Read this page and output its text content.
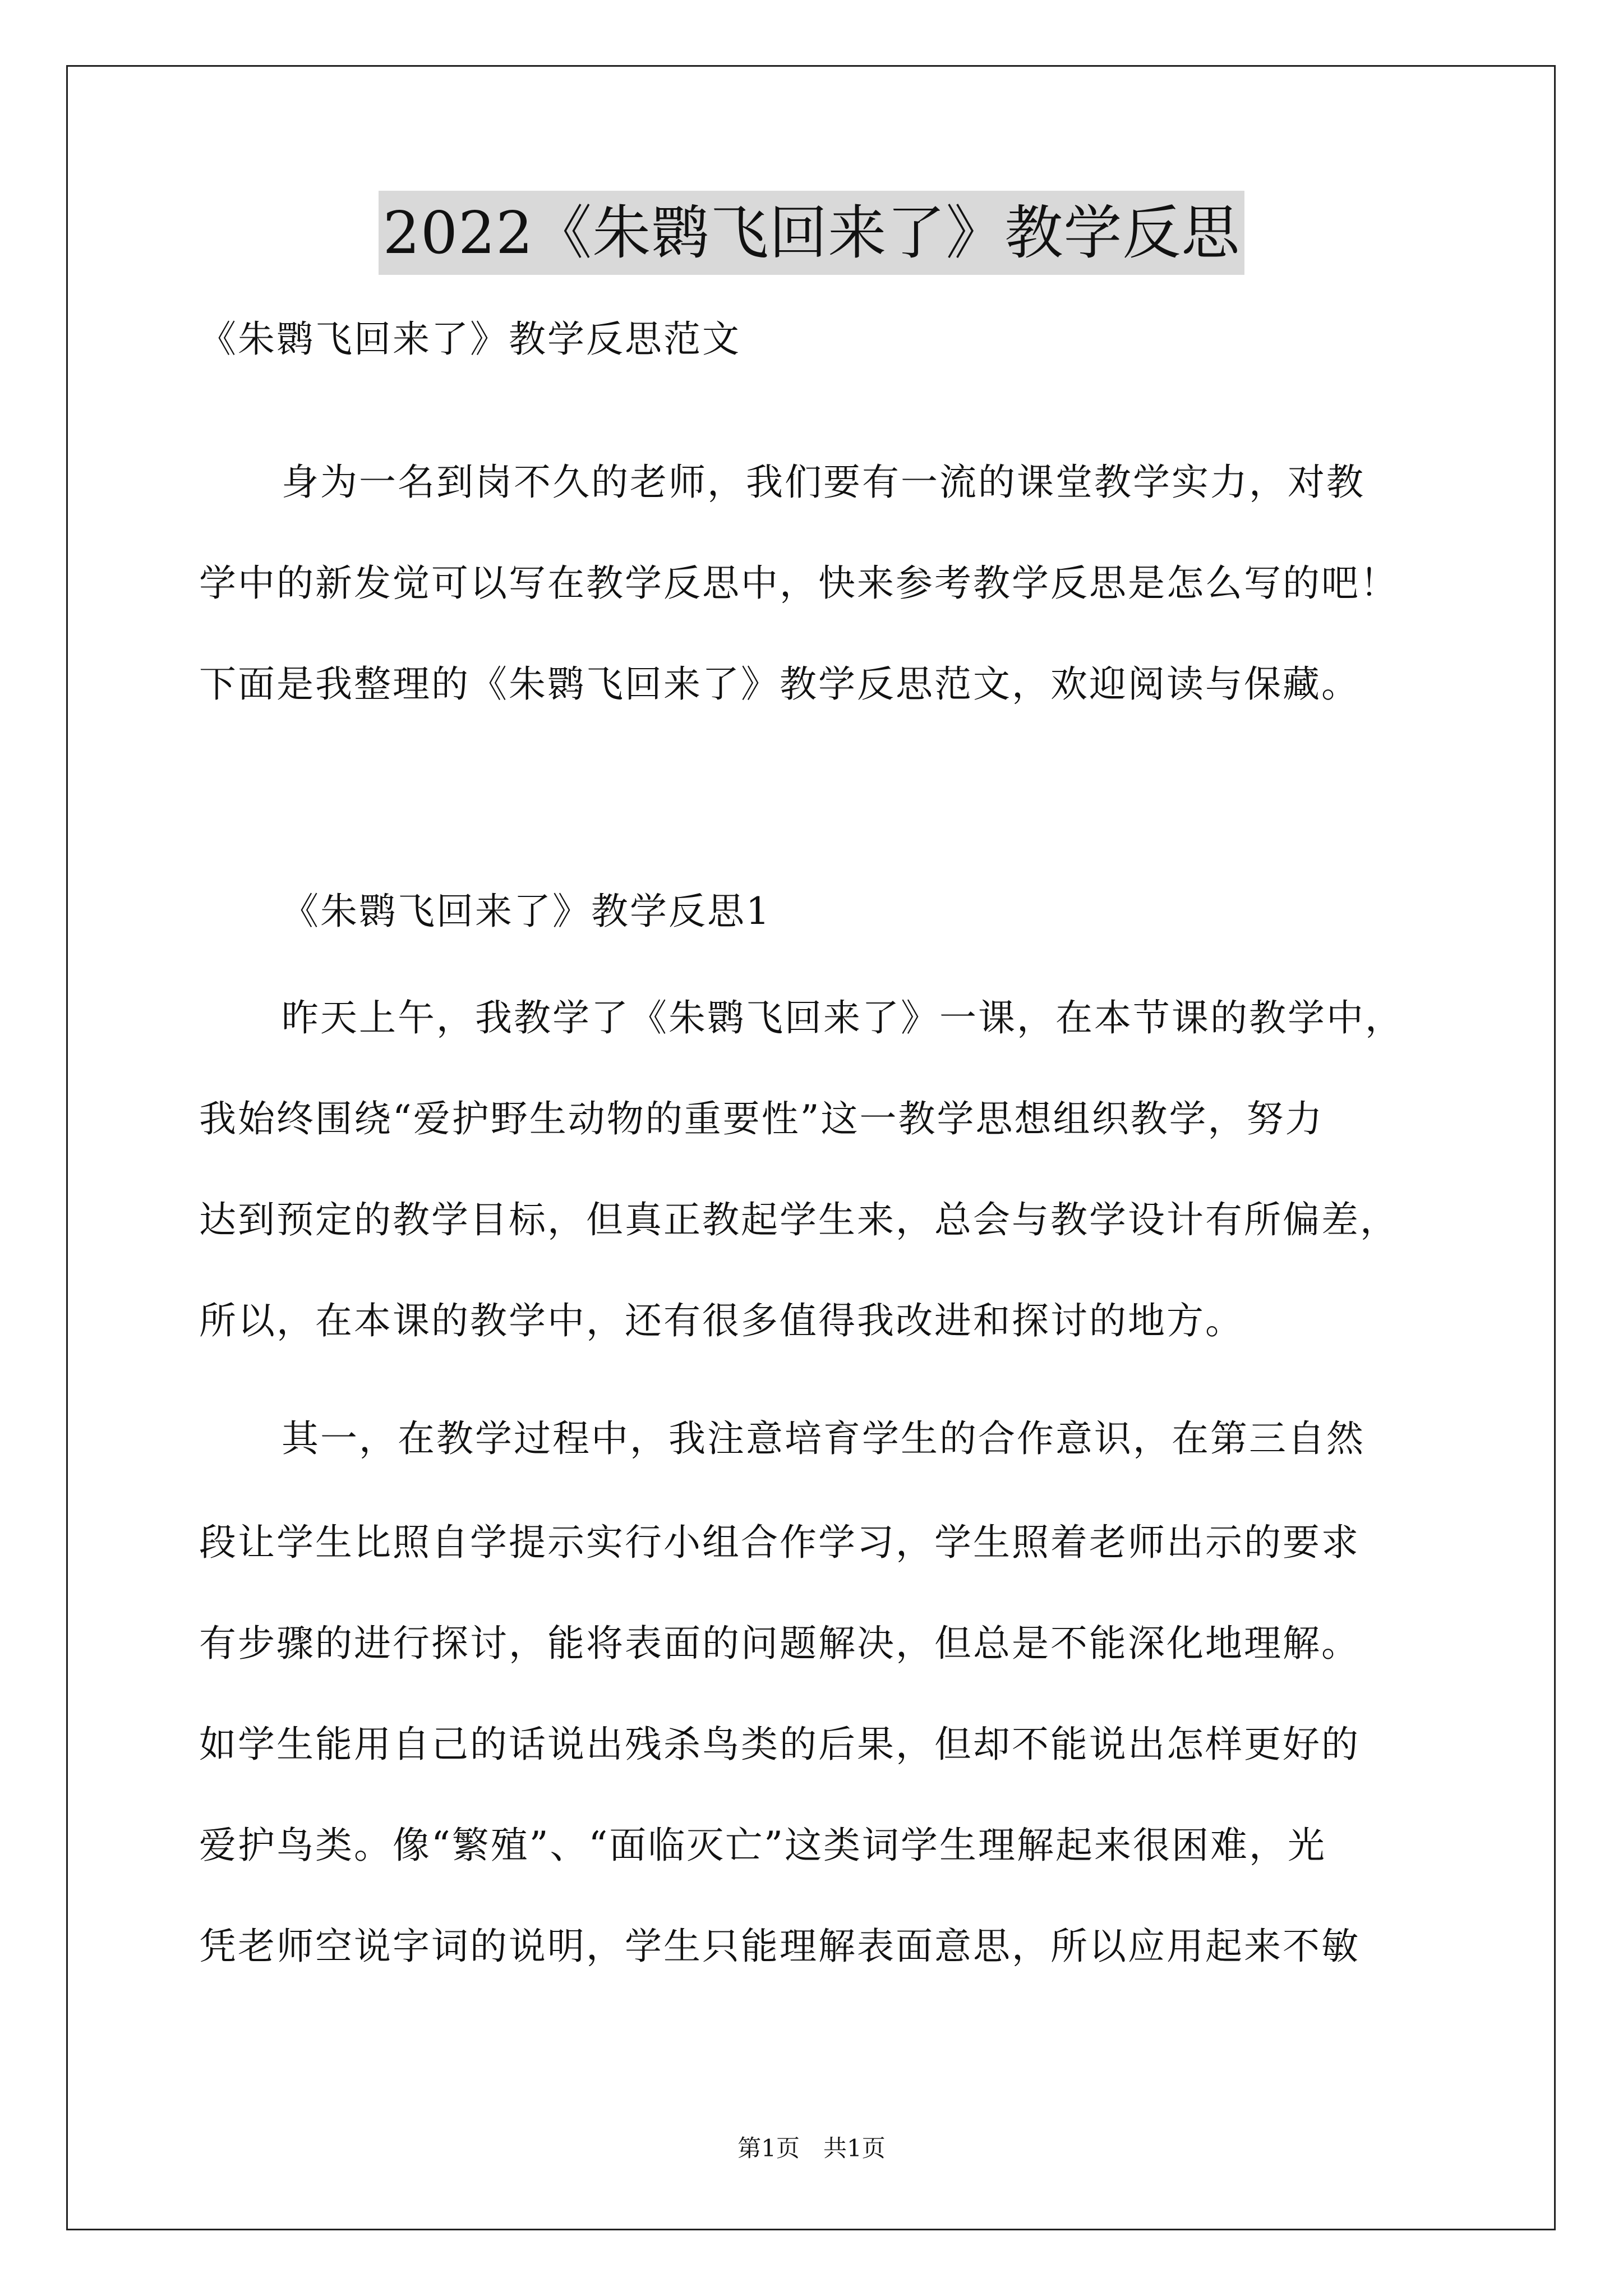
2022《朱鹮飞回来了》教学反思
《朱鹮飞回来了》教学反思范文
身为一名到岗不久的老师，我们要有一流的课堂教学实力，对教
学中的新发觉可以写在教学反思中，快来参考教学反思是怎么写的吧！
下面是我整理的《朱鹮飞回来了》教学反思范文，欢迎阅读与保藏。
《朱鹮飞回来了》教学反思1
昨天上午，我教学了《朱鹮飞回来了》一课，在本节课的教学中，
我始终围绕“爱护野生动物的重要性”这一教学思想组织教学，努力
达到预定的教学目标，但真正教起学生来，总会与教学设计有所偏差，
所以，在本课的教学中，还有很多值得我改进和探讨的地方。
其一，在教学过程中，我注意培育学生的合作意识，在第三自然
段让学生比照自学提示实行小组合作学习，学生照着老师出示的要求
有步骤的进行探讨，能将表面的问题解决，但总是不能深化地理解。
如学生能用自己的话说出残杀鸟类的后果，但却不能说出怎样更好的
爱护鸟类。像“繁殖”、“面临灭亡”这类词学生理解起来很困难，光
凭老师空说字词的说明，学生只能理解表面意思，所以应用起来不敏
第1页　共1页
